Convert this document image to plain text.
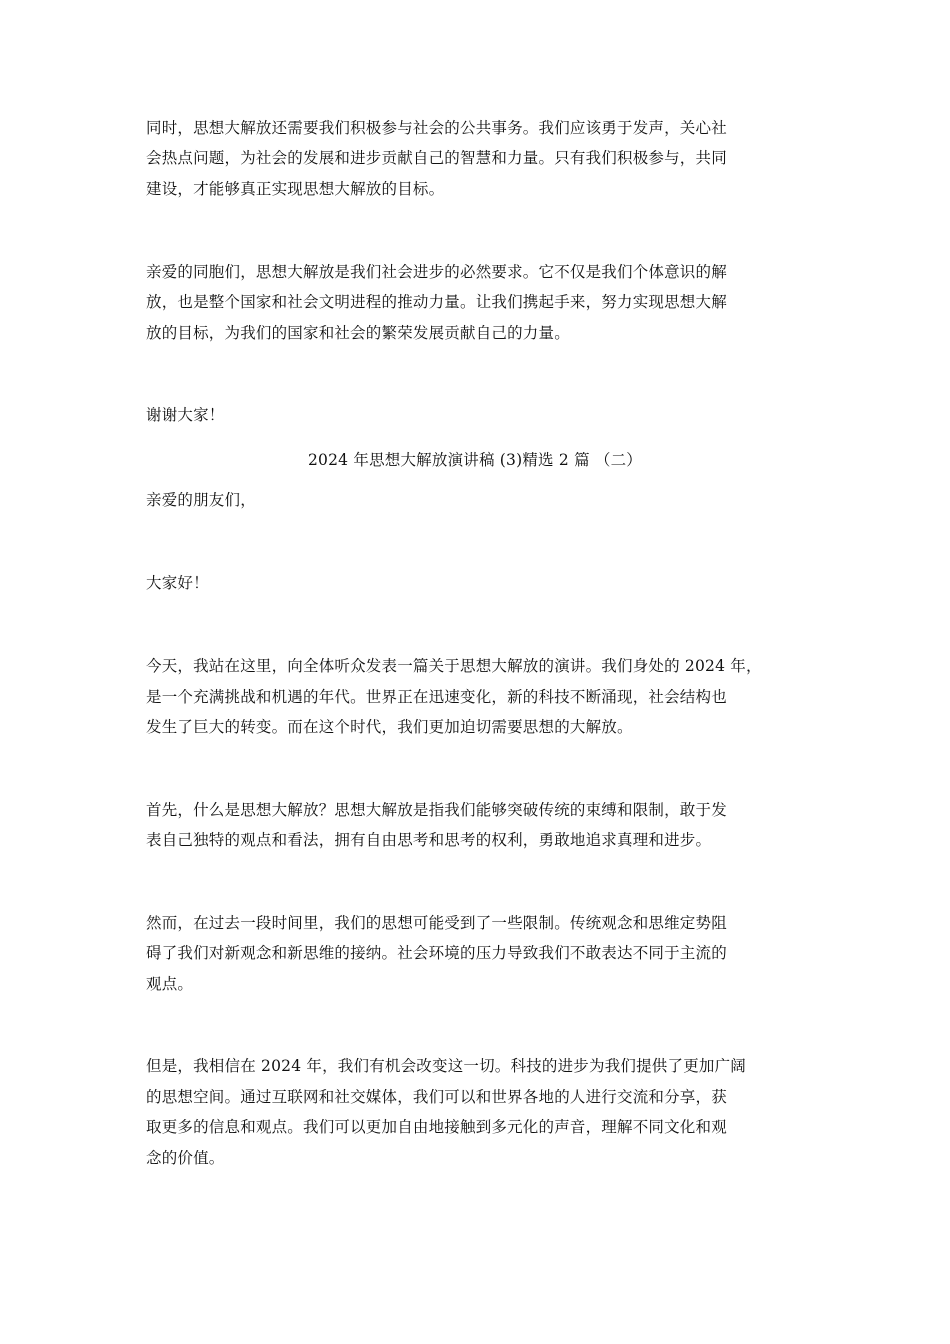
同时，思想大解放还需要我们积极参与社会的公共事务。我们应该勇于发声，关心社
会热点问题，为社会的发展和进步贡献自己的智慧和力量。只有我们积极参与，共同
建设，才能够真正实现思想大解放的目标。
亲爱的同胞们，思想大解放是我们社会进步的必然要求。它不仅是我们个体意识的解
放，也是整个国家和社会文明进程的推动力量。让我们携起手来，努力实现思想大解
放的目标，为我们的国家和社会的繁荣发展贡献自己的力量。
谢谢大家！
2024 年思想大解放演讲稿 (3)精选 2 篇 （二）
亲爱的朋友们，
大家好！
今天，我站在这里，向全体听众发表一篇关于思想大解放的演讲。我们身处的 2024 年，
是一个充满挑战和机遇的年代。世界正在迅速变化，新的科技不断涌现，社会结构也
发生了巨大的转变。而在这个时代，我们更加迫切需要思想的大解放。
首先，什么是思想大解放？思想大解放是指我们能够突破传统的束缚和限制，敢于发
表自己独特的观点和看法，拥有自由思考和思考的权利，勇敢地追求真理和进步。
然而，在过去一段时间里，我们的思想可能受到了一些限制。传统观念和思维定势阻
碍了我们对新观念和新思维的接纳。社会环境的压力导致我们不敢表达不同于主流的
观点。
但是，我相信在 2024 年，我们有机会改变这一切。科技的进步为我们提供了更加广阔
的思想空间。通过互联网和社交媒体，我们可以和世界各地的人进行交流和分享，获
取更多的信息和观点。我们可以更加自由地接触到多元化的声音，理解不同文化和观
念的价值。
